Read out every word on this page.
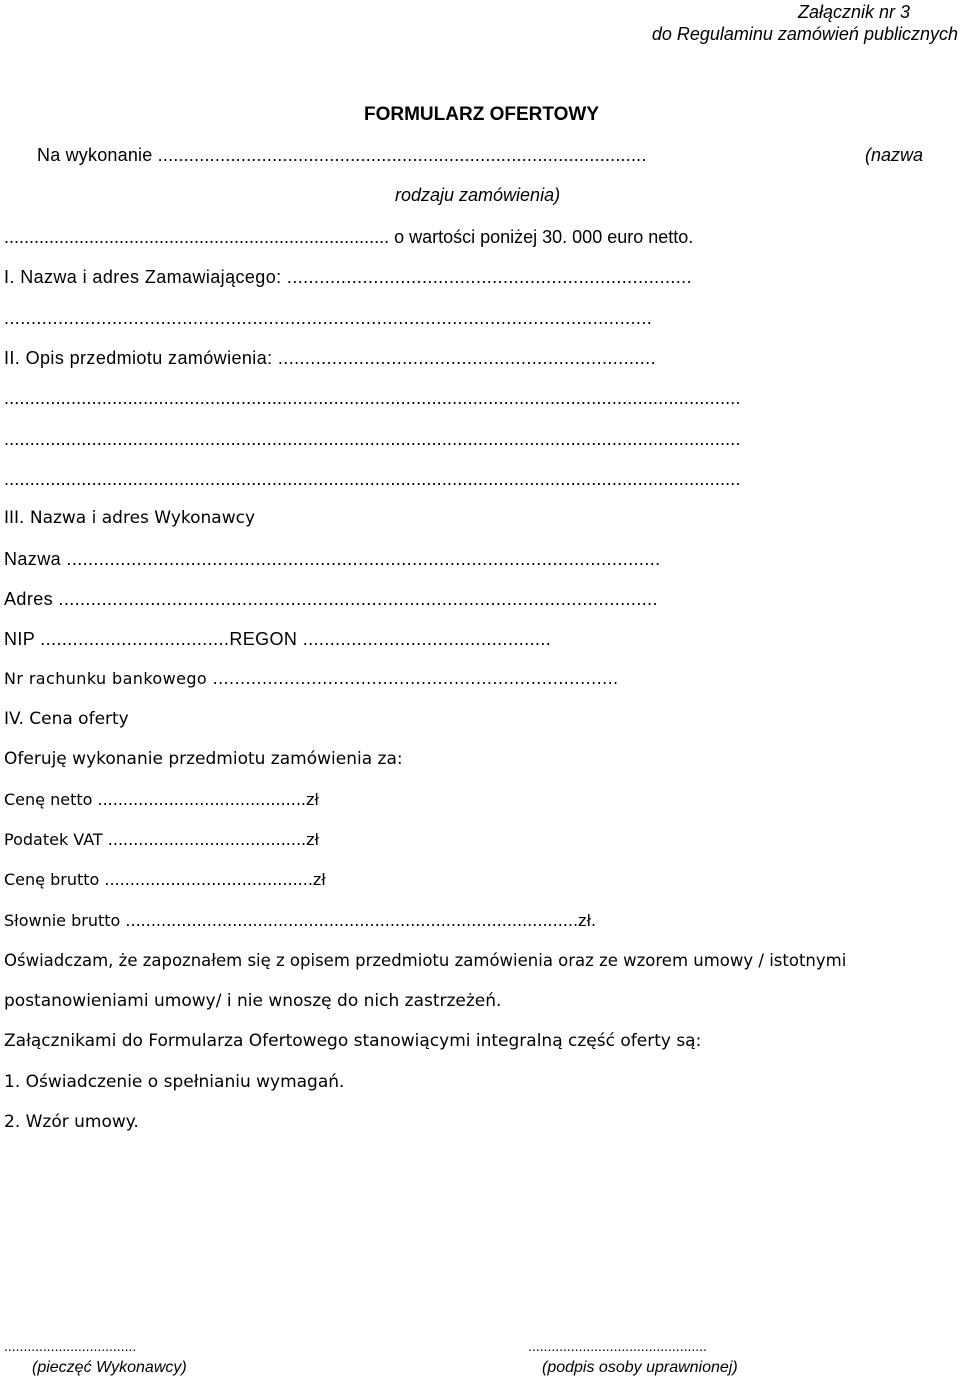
Załącznik nr 3
do Regulaminu zamówień publicznych
FORMULARZ OFERTOWY
Na wykonanie ..............................................................................................	(nazwa
rodzaju zamówienia)
............................................................................. o wartości poniżej 30. 000 euro netto.
I. Nazwa i adres Zamawiającego: ...........................................................................
........................................................................................................................
II. Opis przedmiotu zamówienia: ......................................................................
...............................................................................................................................................
...............................................................................................................................................
...............................................................................................................................................
III. Nazwa i adres Wykonawcy
Nazwa ..............................................................................................................
Adres ...............................................................................................................
NIP ...................................REGON ..............................................
Nr rachunku bankowego ..........................................................................
IV. Cena oferty
Oferuję wykonanie przedmiotu zamówienia za:
Cenę netto .........................................zł
Podatek VAT .......................................zł
Cenę brutto .........................................zł
Słownie brutto .........................................................................................zł.
Oświadczam, że zapoznałem się z opisem przedmiotu zamówienia oraz ze wzorem umowy / istotnymi
postanowieniami umowy/ i nie wnoszę do nich zastrzeżeń.
Załącznikami do Formularza Ofertowego stanowiącymi integralną część oferty są:
1. Oświadczenie o spełnianiu wymagań.
2. Wzór umowy.
..................................
(pieczęć Wykonawcy)
..............................................
(podpis osoby uprawnionej)
